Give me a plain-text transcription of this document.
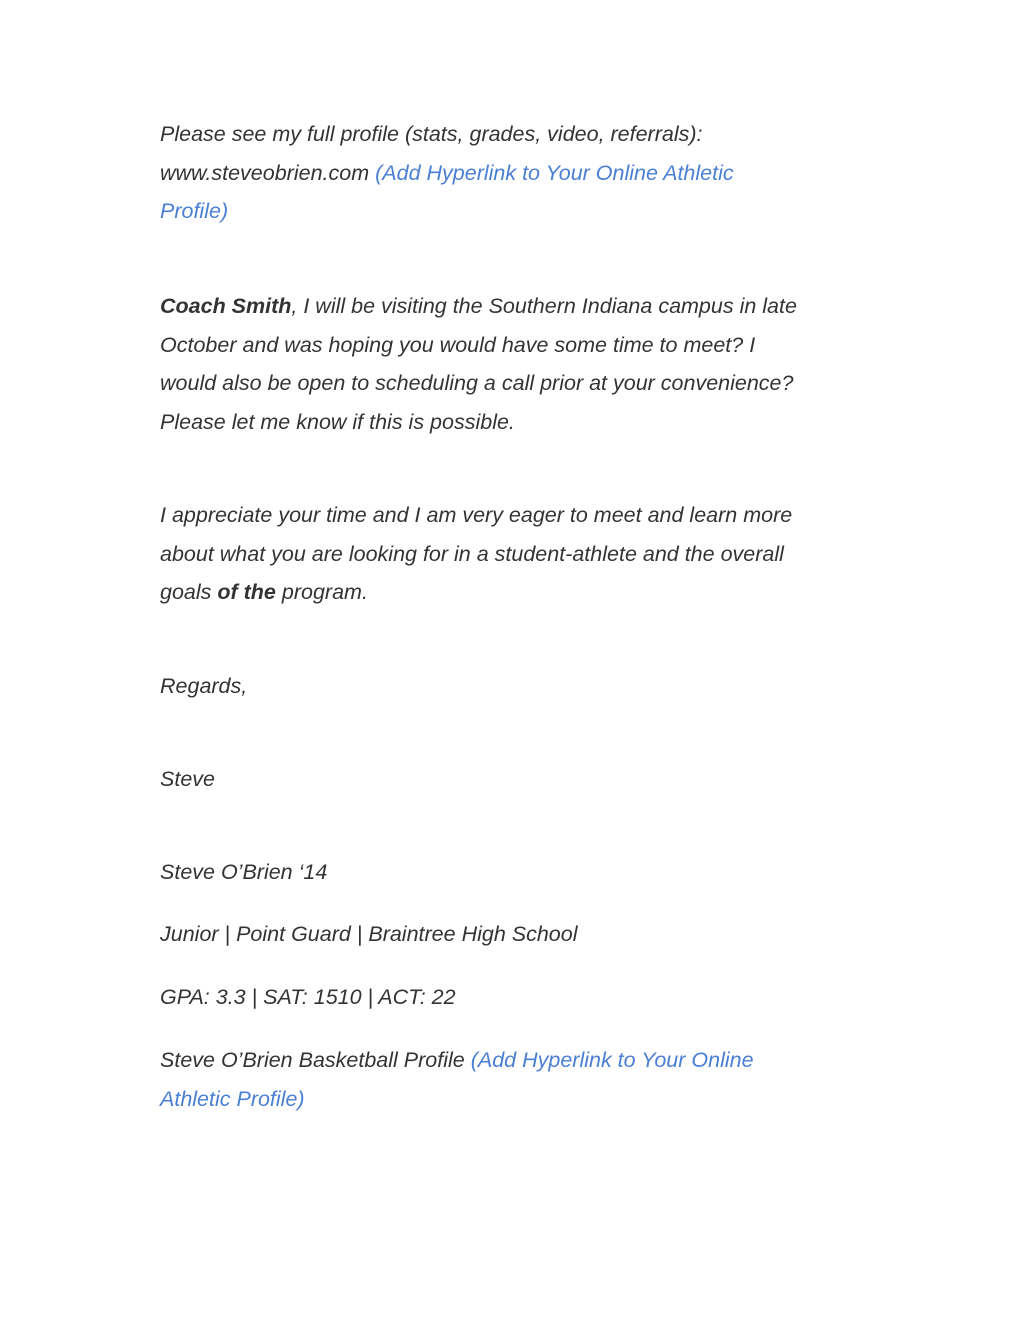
Please see my full profile (stats, grades, video, referrals):
www.steveobrien.com (Add Hyperlink to Your Online Athletic
Profile)

Coach Smith, I will be visiting the Southern Indiana campus in late
October and was hoping you would have some time to meet? I
would also be open to scheduling a call prior at your convenience?
Please let me know if this is possible.

I appreciate your time and I am very eager to meet and learn more
about what you are looking for in a student-athlete and the overall
goals of the program.

Regards,

Steve

Steve O’Brien ‘14

Junior | Point Guard | Braintree High School

GPA: 3.3 | SAT: 1510 | ACT: 22

Steve O’Brien Basketball Profile (Add Hyperlink to Your Online
Athletic Profile)
